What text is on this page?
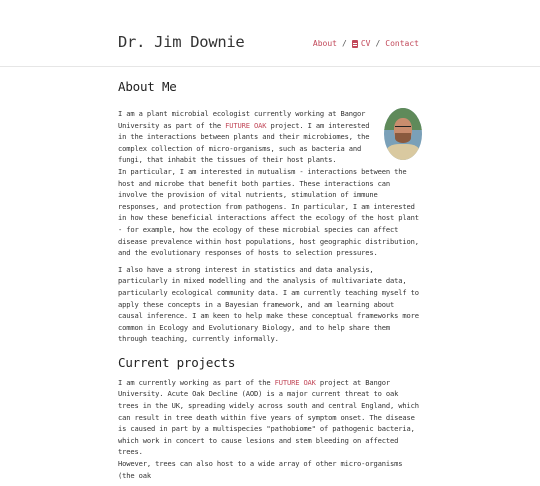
Dr. Jim Downie	About / CV / Contact
About Me

I am a plant microbial ecologist currently working at Bangor University as part of the FUTURE OAK project. I am interested in the interactions between plants and their microbiomes, the complex collection of micro-organisms, such as bacteria and fungi, that inhabit the tissues of their host plants.

In particular, I am interested in mutualism - interactions between the host and microbe that benefit both parties. These interactions can involve the provision of vital nutrients, stimulation of immune responses, and protection from pathogens. In particular, I am interested in how these beneficial interactions affect the ecology of the host plant - for example, how the ecology of these microbial species can affect disease prevalence within host populations, host geographic distribution, and the evolutionary responses of hosts to selection pressures.

I also have a strong interest in statistics and data analysis, particularly in mixed modelling and the analysis of multivariate data, particularly ecological community data. I am currently teaching myself to apply these concepts in a Bayesian framework, and am learning about causal inference. I am keen to help make these conceptual frameworks more common in Ecology and Evolutionary Biology, and to help share them through teaching, currently informally.

Current projects

I am currently working as part of the FUTURE OAK project at Bangor University. Acute Oak Decline (AOD) is a major current threat to oak trees in the UK, spreading widely across south and central England, which can result in tree death within five years of symptom onset. The disease is caused in part by a multispecies "pathobiome" of pathogenic bacteria, which work in concert to cause lesions and stem bleeding on affected trees.

However, trees can also host to a wide array of other micro-organisms (the oak
